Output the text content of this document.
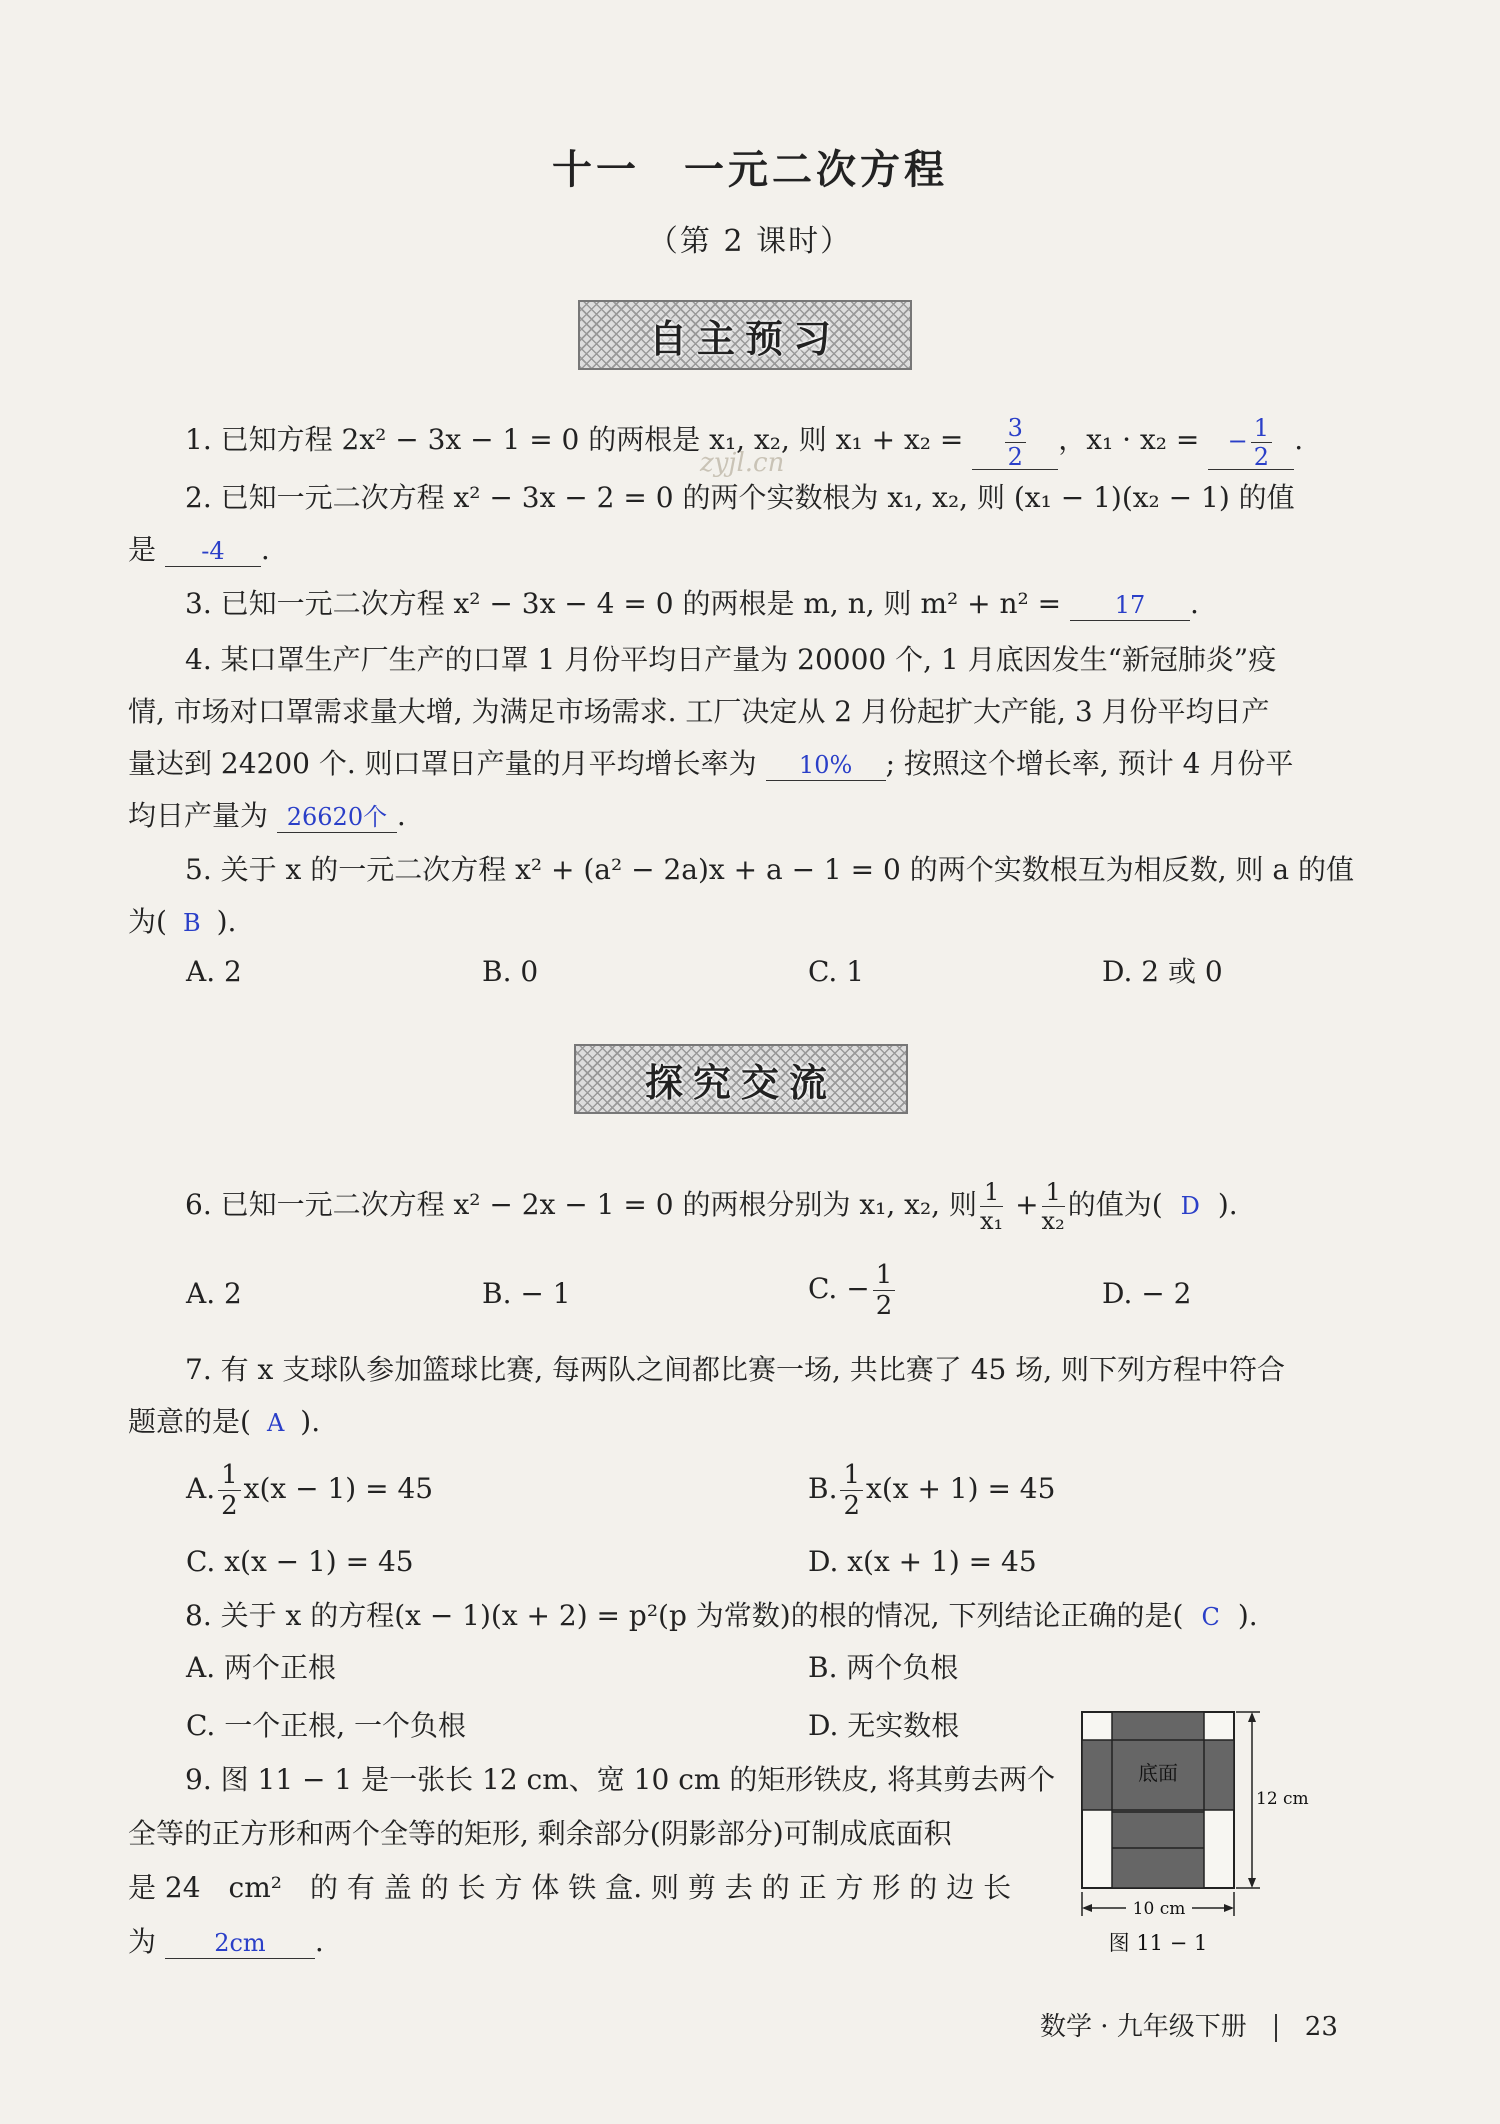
十一　一元二次方程
（第 2 课时）
自主预习
zyjl.cn
1. 已知方程 2x² − 3x − 1 = 0 的两根是 x₁, x₂, 则 $x_1 + x_2 = \frac{3}{2}$ ，x₁ · x₂ = − $\frac{1}{2}$ .
2. 已知一元二次方程 x² − 3x − 2 = 0 的两个实数根为 x₁, x₂, 则 (x₁ − 1)(x₂ − 1) 的值
是 -4 .
3. 已知一元二次方程 x² − 3x − 4 = 0 的两根是 m, n, 则 m² + n² = 17 .
4. 某口罩生产厂生产的口罩 1 月份平均日产量为 20000 个, 1 月底因发生“新冠肺炎”疫
情, 市场对口罩需求量大增, 为满足市场需求. 工厂决定从 2 月份起扩大产能, 3 月份平均日产
量达到 24200 个. 则口罩日产量的月平均增长率为 10% ; 按照这个增长率, 预计 4 月份平
均日产量为 26620个 .
5. 关于 x 的一元二次方程 x² + (a² − 2a)x + a − 1 = 0 的两个实数根互为相反数, 则 a 的值
为( B ).
A. 2	B. 0	C. 1	D. 2 或 0
探究交流
6. 已知一元二次方程 x² − 2x − 1 = 0 的两根分别为 x₁, x₂, 则 $\frac{1}{\text{x₁}} + \frac{1}{\text{x₂}}$ 的值为( D ).
A. 2	B. − 1	C. − $\frac{1}{2}$	D. − 2
7. 有 x 支球队参加篮球比赛, 每两队之间都比赛一场, 共比赛了 45 场, 则下列方程中符合
题意的是( A ).
A. $\frac{1}{2} x(x - 1) = 45$	B. $\frac{1}{2} x(x + 1) = 45$
C. x(x − 1) = 45	D. x(x + 1) = 45
8. 关于 x 的方程(x − 1)(x + 2) = p²(p 为常数)的根的情况, 下列结论正确的是( C ).
A. 两个正根	B. 两个负根
C. 一个正根, 一个负根	D. 无实数根
9. 图 11 − 1 是一张长 12 cm、宽 10 cm 的矩形铁皮, 将其剪去两个
全等的正方形和两个全等的矩形, 剩余部分(阴影部分)可制成底面积
是 24　cm²　的 有 盖 的 长 方 体 铁 盒. 则 剪 去 的 正 方 形 的 边 长
为 2cm .
底面
12 cm
10 cm
图 11 − 1
数学 · 九年级下册 23
